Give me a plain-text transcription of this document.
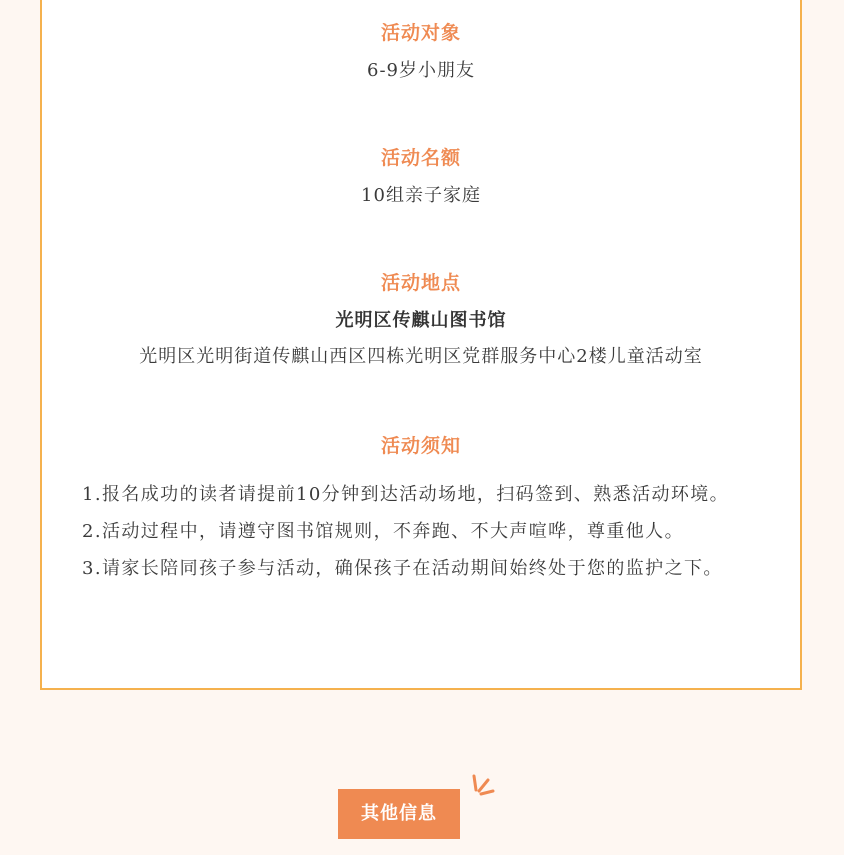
活动对象
6-9岁小朋友
活动名额
10组亲子家庭
活动地点
光明区传麒山图书馆
光明区光明街道传麒山西区四栋光明区党群服务中心2楼儿童活动室
活动须知

1.报名成功的读者请提前10分钟到达活动场地，扫码签到、熟悉活动环境。

2.活动过程中，请遵守图书馆规则，不奔跑、不大声喧哗，尊重他人。

3.请家长陪同孩子参与活动，确保孩子在活动期间始终处于您的监护之下。

其他信息
